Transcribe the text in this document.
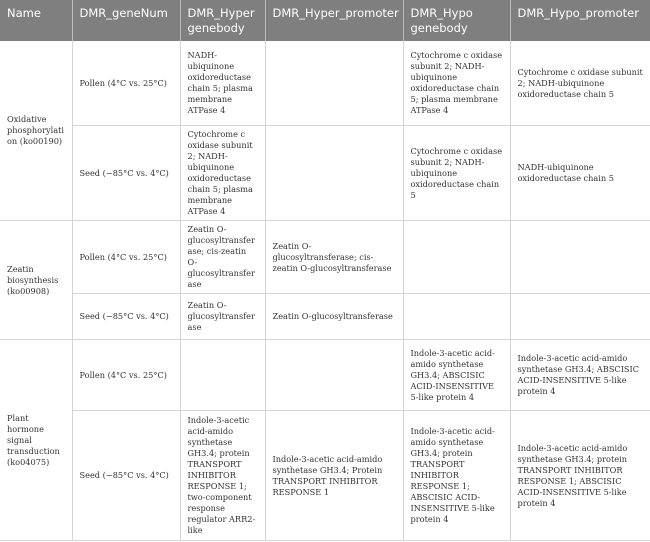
Name	DMR_geneNum	DMR_Hyper genebody	DMR_Hyper_promoter	DMR_Hypo genebody	DMR_Hypo_promoter
Oxidative phosphorylation (ko00190)	Pollen (4°C vs. 25°C)	NADH-ubiquinone oxidoreductase chain 5; plasma membrane ATPase 4		Cytochrome c oxidase subunit 2; NADH-ubiquinone oxidoreductase chain 5; plasma membrane ATPase 4	Cytochrome c oxidase subunit 2; NADH-ubiquinone oxidoreductase chain 5
	Seed (−85°C vs. 4°C)	Cytochrome c oxidase subunit 2; NADH-ubiquinone oxidoreductase chain 5; plasma membrane ATPase 4		Cytochrome c oxidase subunit 2; NADH-ubiquinone oxidoreductase chain 5	NADH-ubiquinone oxidoreductase chain 5
Zeatin biosynthesis (ko00908)	Pollen (4°C vs. 25°C)	Zeatin O-glucosyltransferase; cis-zeatin O-glucosyltransferase	Zeatin O-glucosyltransferase; cis-zeatin O-glucosyltransferase		
	Seed (−85°C vs. 4°C)	Zeatin O-glucosyltransferase	Zeatin O-glucosyltransferase		
Plant hormone signal transduction (ko04075)	Pollen (4°C vs. 25°C)			Indole-3-acetic acid-amido synthetase GH3.4; ABSCISIC ACID-INSENSITIVE 5-like protein 4	Indole-3-acetic acid-amido synthetase GH3.4; ABSCISIC ACID-INSENSITIVE 5-like protein 4
	Seed (−85°C vs. 4°C)	Indole-3-acetic acid-amido synthetase GH3.4; protein TRANSPORT INHIBITOR RESPONSE 1; two-component response regulator ARR2-like	Indole-3-acetic acid-amido synthetase GH3.4; Protein TRANSPORT INHIBITOR RESPONSE 1	Indole-3-acetic acid-amido synthetase GH3.4; protein TRANSPORT INHIBITOR RESPONSE 1; ABSCISIC ACID-INSENSITIVE 5-like protein 4	Indole-3-acetic acid-amido synthetase GH3.4; protein TRANSPORT INHIBITOR RESPONSE 1; ABSCISIC ACID-INSENSITIVE 5-like protein 4
